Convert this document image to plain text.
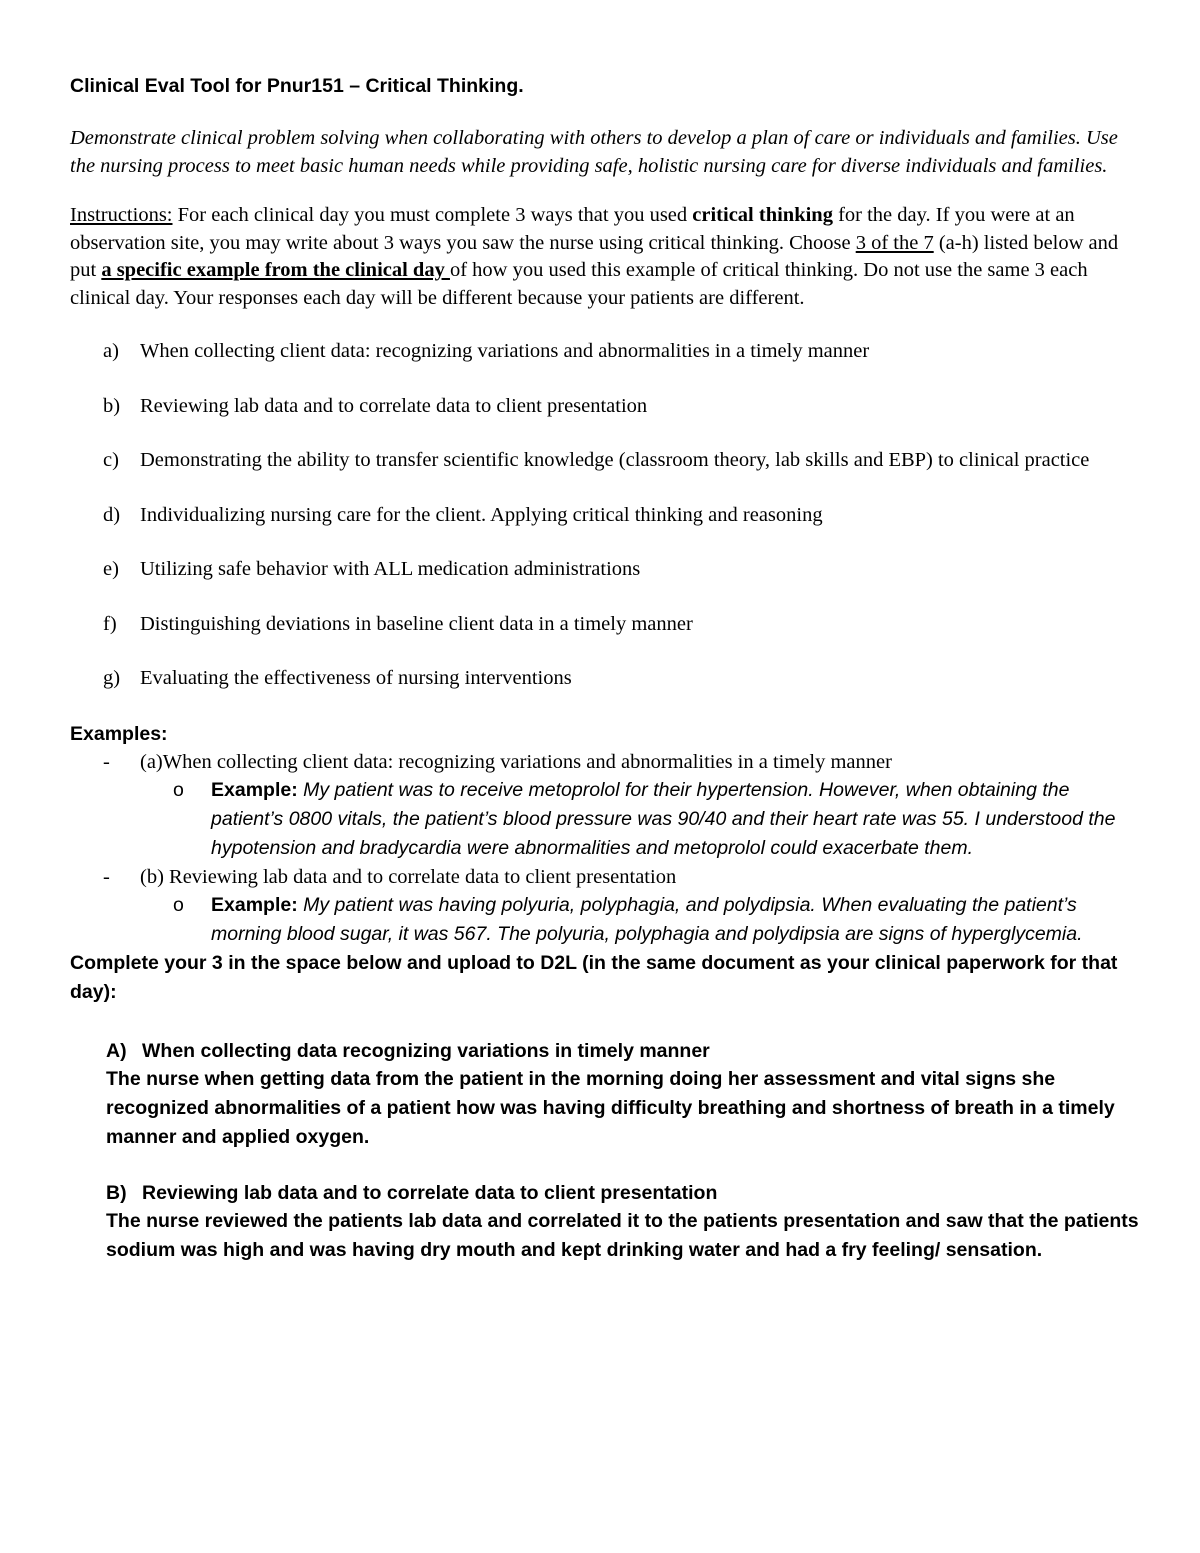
Clinical Eval Tool for Pnur151 – Critical Thinking.

Demonstrate clinical problem solving when collaborating with others to develop a plan of care or individuals and families. Use the nursing process to meet basic human needs while providing safe, holistic nursing care for diverse individuals and families.

Instructions: For each clinical day you must complete 3 ways that you used critical thinking for the day. If you were at an observation site, you may write about 3 ways you saw the nurse using critical thinking. Choose 3 of the 7 (a-h) listed below and put a specific example from the clinical day of how you used this example of critical thinking. Do not use the same 3 each clinical day. Your responses each day will be different because your patients are different.

a) When collecting client data: recognizing variations and abnormalities in a timely manner
b) Reviewing lab data and to correlate data to client presentation
c) Demonstrating the ability to transfer scientific knowledge (classroom theory, lab skills and EBP) to clinical practice
d) Individualizing nursing care for the client. Applying critical thinking and reasoning
e) Utilizing safe behavior with ALL medication administrations
f) Distinguishing deviations in baseline client data in a timely manner
g) Evaluating the effectiveness of nursing interventions

Examples:

- (a)When collecting client data: recognizing variations and abnormalities in a timely manner
o Example: My patient was to receive metoprolol for their hypertension. However, when obtaining the patient’s 0800 vitals, the patient’s blood pressure was 90/40 and their heart rate was 55. I understood the hypotension and bradycardia were abnormalities and metoprolol could exacerbate them.
- (b) Reviewing lab data and to correlate data to client presentation
o Example: My patient was having polyuria, polyphagia, and polydipsia. When evaluating the patient’s morning blood sugar, it was 567. The polyuria, polyphagia and polydipsia are signs of hyperglycemia.

Complete your 3 in the space below and upload to D2L (in the same document as your clinical paperwork for that day):

A) When collecting data recognizing variations in timely manner

The nurse when getting data from the patient in the morning doing her assessment and vital signs she recognized abnormalities of a patient how was having difficulty breathing and shortness of breath in a timely manner and applied oxygen.

B) Reviewing lab data and to correlate data to client presentation

The nurse reviewed the patients lab data and correlated it to the patients presentation and saw that the patients sodium was high and was having dry mouth and kept drinking water and had a fry feeling/ sensation.
